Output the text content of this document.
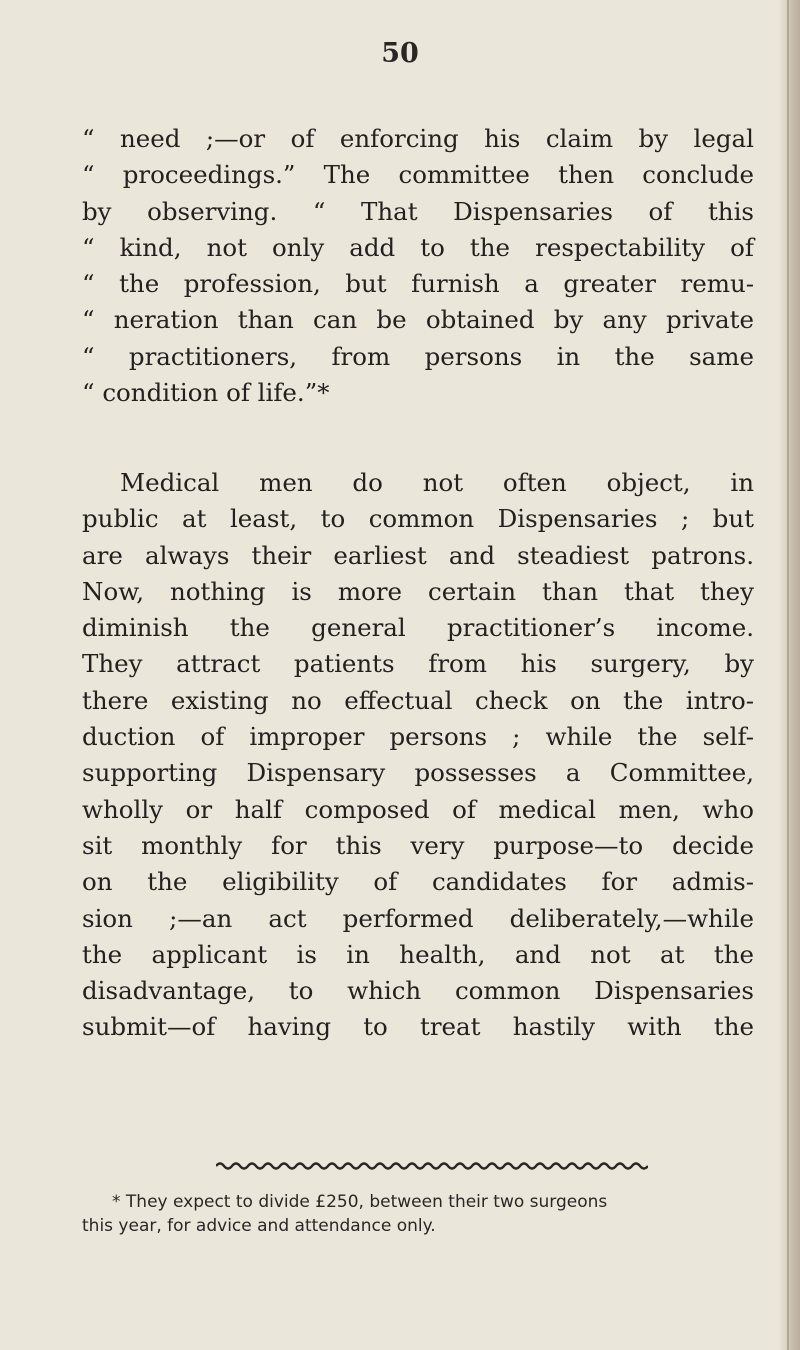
50
“ need ;—or of enforcing his claim by legal
“ proceedings.” The committee then conclude
by observing. “ That Dispensaries of this
“ kind, not only add to the respectability of
“ the profession, but furnish a greater remu-
“ neration than can be obtained by any private
“ practitioners, from persons in the same
“ condition of life.”*
Medical men do not often object, in
public at least, to common Dispensaries ; but
are always their earliest and steadiest patrons.
Now, nothing is more certain than that they
diminish the general practitioner’s income.
They attract patients from his surgery, by
there existing no effectual check on the intro-
duction of improper persons ; while the self-
supporting Dispensary possesses a Committee,
wholly or half composed of medical men, who
sit monthly for this very purpose—to decide
on the eligibility of candidates for admis-
sion ;—an act performed deliberately,—while
the applicant is in health, and not at the
disadvantage, to which common Dispensaries
submit—of having to treat hastily with the
* They expect to divide £250, between their two surgeons
this year, for advice and attendance only.
